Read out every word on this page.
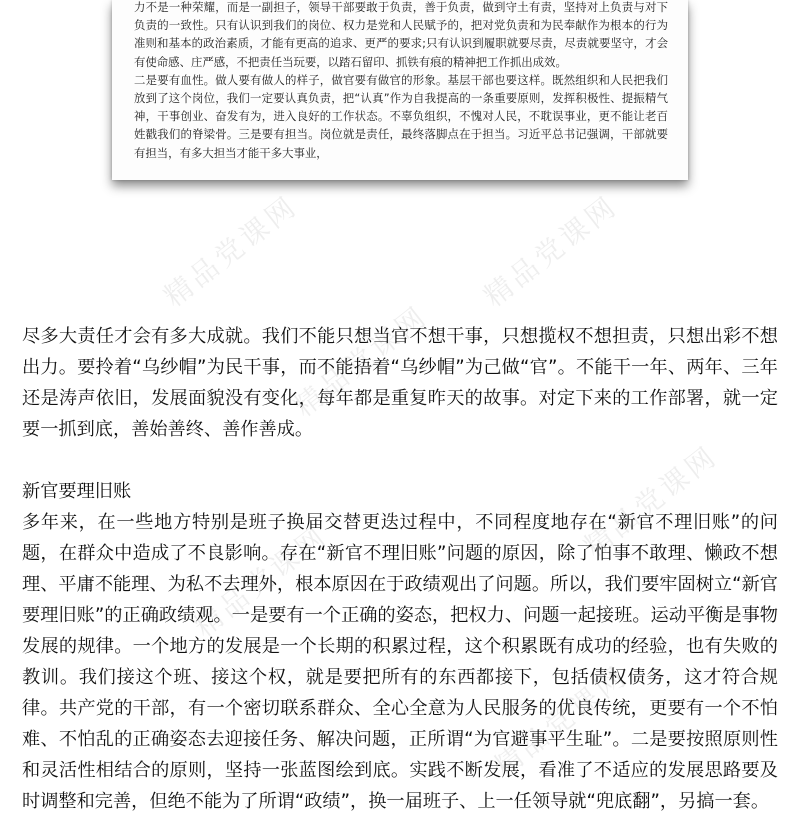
力不是一种荣耀，而是一副担子，领导干部要敢于负责，善于负责，做到守土有责，坚持对上负责与对下负责的一致性。只有认识到我们的岗位、权力是党和人民赋予的，把对党负责和为民奉献作为根本的行为准则和基本的政治素质，才能有更高的追求、更严的要求;只有认识到履职就要尽责，尽责就要坚守，才会有使命感、庄严感，不把责任当玩要，以踏石留印、抓铁有痕的精神把工作抓出成效。

二是要有血性。做人要有做人的样子，做官要有做官的形象。基层干部也要这样。既然组织和人民把我们放到了这个岗位，我们一定要认真负责，把“认真”作为自我提高的一条重要原则，发挥积极性、提振精气神，干事创业、奋发有为，进入良好的工作状态。不辜负组织，不愧对人民，不耽误事业，更不能让老百姓戳我们的脊梁骨。三是要有担当。岗位就是责任，最终落脚点在于担当。习近平总书记强调，干部就要有担当，有多大担当才能干多大事业，

精品党课网	精品党课网
精品党课网
精品党课网
精品党课网
精品党课网

尽多大责任才会有多大成就。我们不能只想当官不想干事，只想揽权不想担责，只想出彩不想出力。要拎着“乌纱帽”为民干事，而不能捂着“乌纱帽”为己做“官”。不能干一年、两年、三年还是涛声依旧，发展面貌没有变化，每年都是重复昨天的故事。对定下来的工作部署，就一定要一抓到底，善始善终、善作善成。

新官要理旧账

多年来，在一些地方特别是班子换届交替更迭过程中，不同程度地存在“新官不理旧账”的问题，在群众中造成了不良影响。存在“新官不理旧账”问题的原因，除了怕事不敢理、懒政不想理、平庸不能理、为私不去理外，根本原因在于政绩观出了问题。所以，我们要牢固树立“新官要理旧账”的正确政绩观。一是要有一个正确的姿态，把权力、问题一起接班。运动平衡是事物发展的规律。一个地方的发展是一个长期的积累过程，这个积累既有成功的经验，也有失败的教训。我们接这个班、接这个权，就是要把所有的东西都接下，包括债权债务，这才符合规律。共产党的干部，有一个密切联系群众、全心全意为人民服务的优良传统，更要有一个不怕难、不怕乱的正确姿态去迎接任务、解决问题，正所谓“为官避事平生耻”。二是要按照原则性和灵活性相结合的原则，坚持一张蓝图绘到底。实践不断发展，看准了不适应的发展思路要及时调整和完善，但绝不能为了所谓“政绩”，换一届班子、上一任领导就“兜底翻”，另搞一套。
